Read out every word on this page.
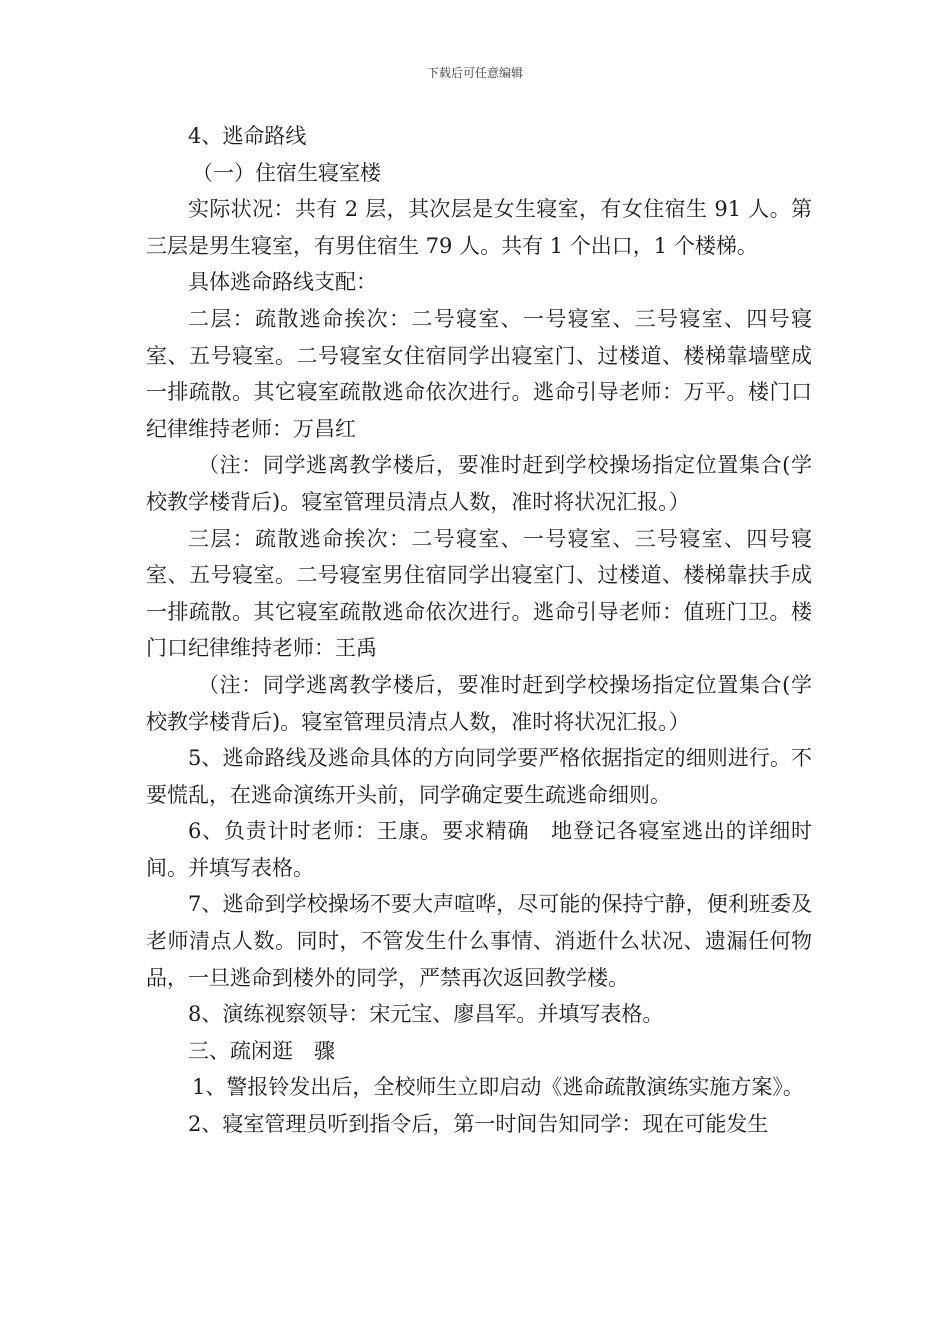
下载后可任意编辑

4、逃命路线

（一）住宿生寝室楼

实际状况：共有 2 层，其次层是女生寝室，有女住宿生 91 人。第三层是男生寝室，有男住宿生 79 人。共有 1 个出口，1 个楼梯。

具体逃命路线支配：

二层：疏散逃命挨次：二号寝室、一号寝室、三号寝室、四号寝室、五号寝室。二号寝室女住宿同学出寝室门、过楼道、楼梯靠墙壁成一排疏散。其它寝室疏散逃命依次进行。逃命引导老师：万平。楼门口纪律维持老师：万昌红

（注：同学逃离教学楼后，要准时赶到学校操场指定位置集合(学校教学楼背后)。寝室管理员清点人数，准时将状况汇报。）

三层：疏散逃命挨次：二号寝室、一号寝室、三号寝室、四号寝室、五号寝室。二号寝室男住宿同学出寝室门、过楼道、楼梯靠扶手成一排疏散。其它寝室疏散逃命依次进行。逃命引导老师：值班门卫。楼门口纪律维持老师：王禹

（注：同学逃离教学楼后，要准时赶到学校操场指定位置集合(学校教学楼背后)。寝室管理员清点人数，准时将状况汇报。）

5、逃命路线及逃命具体的方向同学要严格依据指定的细则进行。不要慌乱，在逃命演练开头前，同学确定要生疏逃命细则。

6、负责计时老师：王康。要求精确　地登记各寝室逃出的详细时间。并填写表格。

7、逃命到学校操场不要大声喧哗，尽可能的保持宁静，便利班委及老师清点人数。同时，不管发生什么事情、消逝什么状况、遗漏任何物品，一旦逃命到楼外的同学，严禁再次返回教学楼。

8、演练视察领导：宋元宝、廖昌军。并填写表格。

三、疏闲逛　骤

1、警报铃发出后，全校师生立即启动《逃命疏散演练实施方案》。

2、寝室管理员听到指令后，第一时间告知同学：现在可能发生
